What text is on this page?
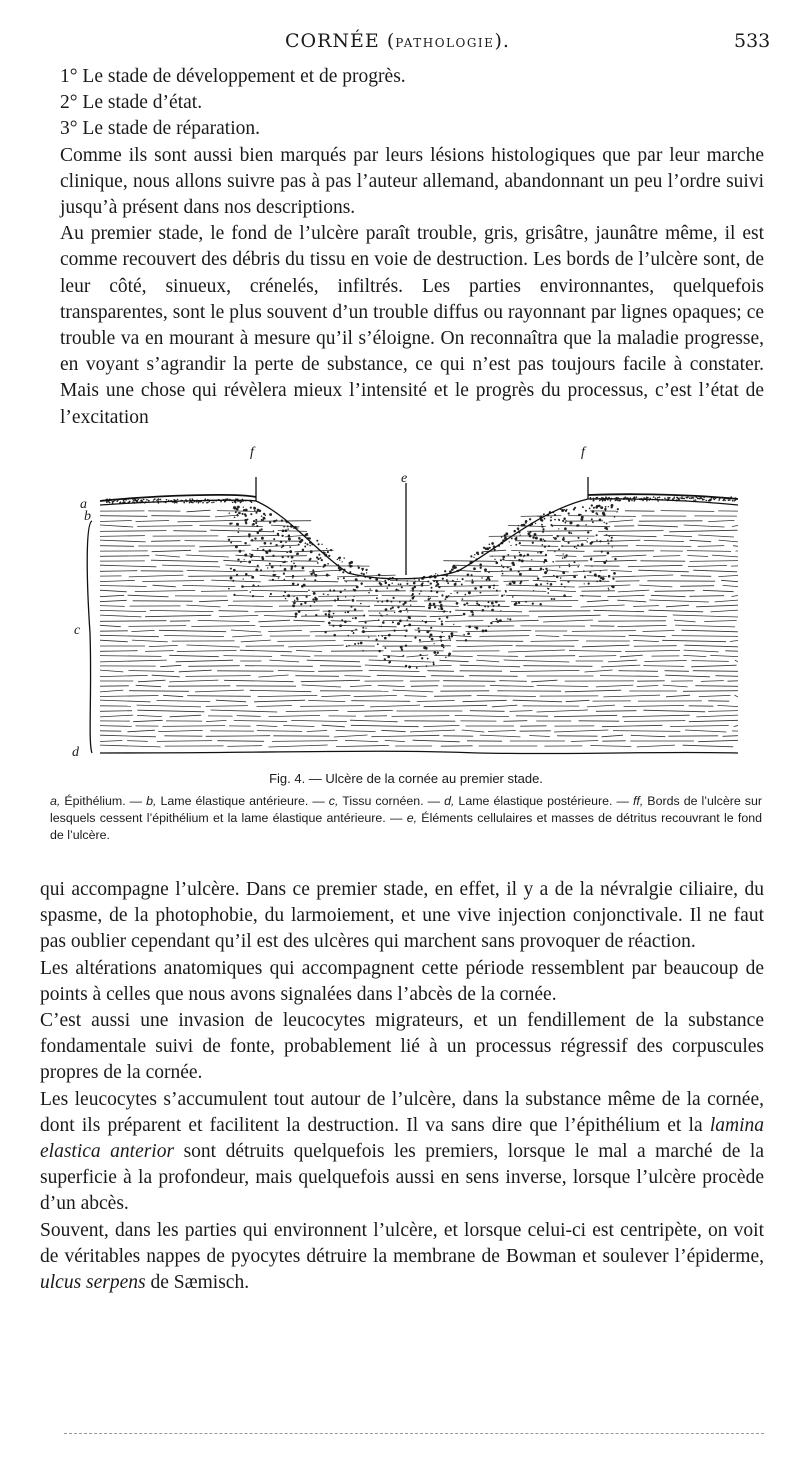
CORNÉE (PATHOLOGIE).	533

1° Le stade de développement et de progrès.

2° Le stade d’état.

3° Le stade de réparation.

Comme ils sont aussi bien marqués par leurs lésions histologiques que par leur marche clinique, nous allons suivre pas à pas l’auteur allemand, abandonnant un peu l’ordre suivi jusqu’à présent dans nos descriptions.

Au premier stade, le fond de l’ulcère paraît trouble, gris, grisâtre, jaunâtre même, il est comme recouvert des débris du tissu en voie de destruction. Les bords de l’ulcère sont, de leur côté, sinueux, crénelés, infiltrés. Les parties environnantes, quelquefois transparentes, sont le plus souvent d’un trouble diffus ou rayonnant par lignes opaques; ce trouble va en mourant à mesure qu’il s’éloigne. On reconnaîtra que la maladie progresse, en voyant s’agrandir la perte de substance, ce qui n’est pas toujours facile à constater. Mais une chose qui révèlera mieux l’intensité et le progrès du processus, c’est l’état de l’excitation

f
e
f
a
b
c
d
Fig. 4. — Ulcère de la cornée au premier stade.
a, Épithélium. — b, Lame élastique antérieure. — c, Tissu cornéen. — d, Lame élastique postérieure. — ff, Bords de l’ulcère sur lesquels cessent l’épithélium et la lame élastique antérieure. — e, Éléments cellulaires et masses de détritus recouvrant le fond de l’ulcère.

qui accompagne l’ulcère. Dans ce premier stade, en effet, il y a de la névralgie ciliaire, du spasme, de la photophobie, du larmoiement, et une vive injection conjonctivale. Il ne faut pas oublier cependant qu’il est des ulcères qui marchent sans provoquer de réaction.

Les altérations anatomiques qui accompagnent cette période ressemblent par beaucoup de points à celles que nous avons signalées dans l’abcès de la cornée.

C’est aussi une invasion de leucocytes migrateurs, et un fendillement de la substance fondamentale suivi de fonte, probablement lié à un processus régressif des corpuscules propres de la cornée.

Les leucocytes s’accumulent tout autour de l’ulcère, dans la substance même de la cornée, dont ils préparent et facilitent la destruction. Il va sans dire que l’épithélium et la lamina elastica anterior sont détruits quelquefois les premiers, lorsque le mal a marché de la superficie à la profondeur, mais quelquefois aussi en sens inverse, lorsque l’ulcère procède d’un abcès.

Souvent, dans les parties qui environnent l’ulcère, et lorsque celui-ci est centripète, on voit de véritables nappes de pyocytes détruire la membrane de Bowman et soulever l’épiderme, ulcus serpens de Sæmisch.
